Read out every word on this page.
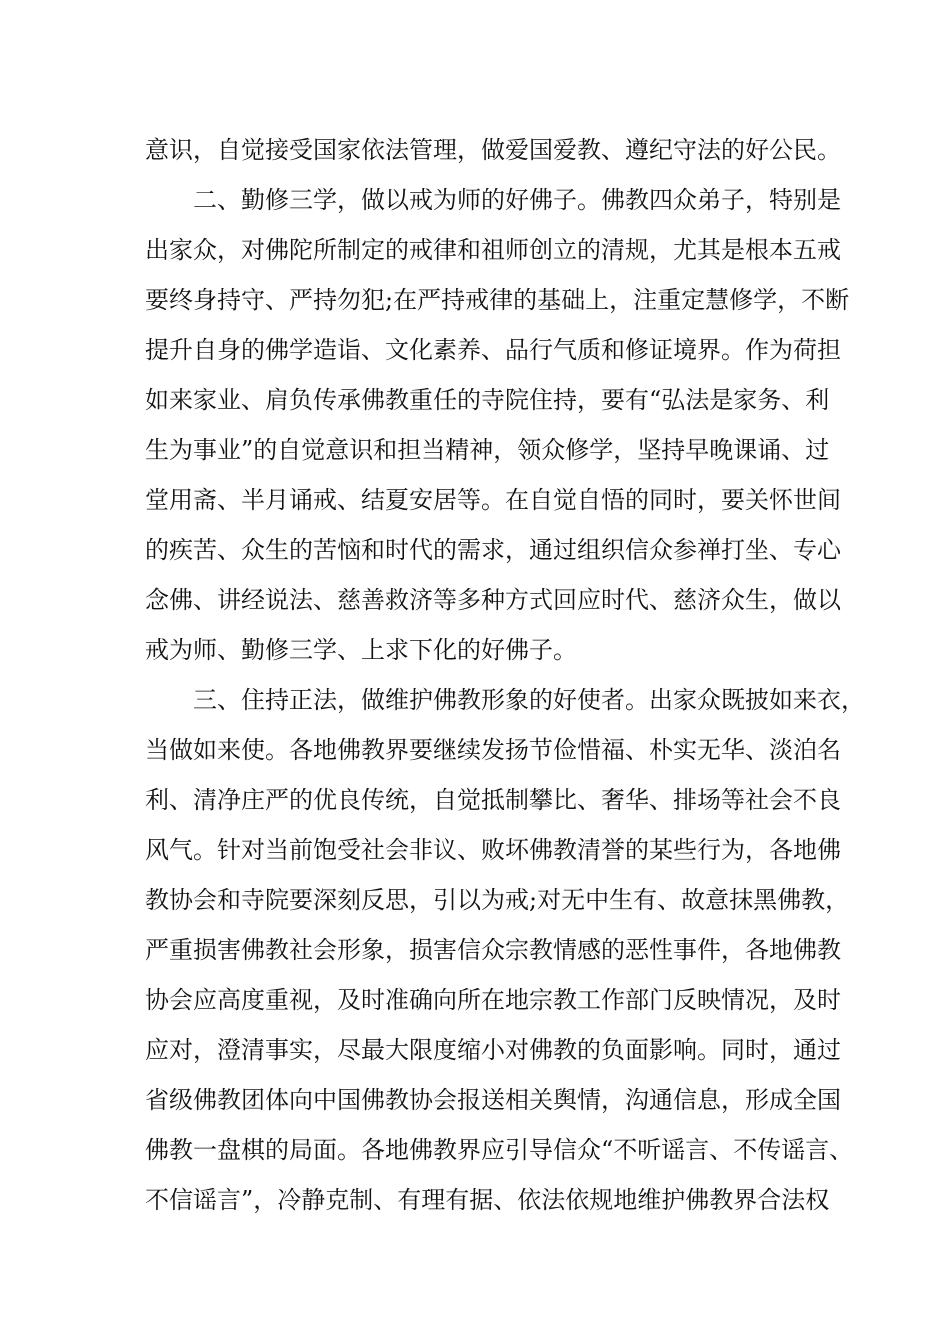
意识，自觉接受国家依法管理，做爱国爱教、遵纪守法的好公民。

二、勤修三学，做以戒为师的好佛子。佛教四众弟子，特别是

出家众，对佛陀所制定的戒律和祖师创立的清规，尤其是根本五戒

要终身持守、严持勿犯;在严持戒律的基础上，注重定慧修学，不断

提升自身的佛学造诣、文化素养、品行气质和修证境界。作为荷担

如来家业、肩负传承佛教重任的寺院住持，要有“弘法是家务、利

生为事业”的自觉意识和担当精神，领众修学，坚持早晚课诵、过

堂用斋、半月诵戒、结夏安居等。在自觉自悟的同时，要关怀世间

的疾苦、众生的苦恼和时代的需求，通过组织信众参禅打坐、专心

念佛、讲经说法、慈善救济等多种方式回应时代、慈济众生，做以

戒为师、勤修三学、上求下化的好佛子。

三、住持正法，做维护佛教形象的好使者。出家众既披如来衣，

当做如来使。各地佛教界要继续发扬节俭惜福、朴实无华、淡泊名

利、清净庄严的优良传统，自觉抵制攀比、奢华、排场等社会不良

风气。针对当前饱受社会非议、败坏佛教清誉的某些行为，各地佛

教协会和寺院要深刻反思，引以为戒;对无中生有、故意抹黑佛教，

严重损害佛教社会形象，损害信众宗教情感的恶性事件，各地佛教

协会应高度重视，及时准确向所在地宗教工作部门反映情况，及时

应对，澄清事实，尽最大限度缩小对佛教的负面影响。同时，通过

省级佛教团体向中国佛教协会报送相关舆情，沟通信息，形成全国

佛教一盘棋的局面。各地佛教界应引导信众“不听谣言、不传谣言、

不信谣言”，冷静克制、有理有据、依法依规地维护佛教界合法权
